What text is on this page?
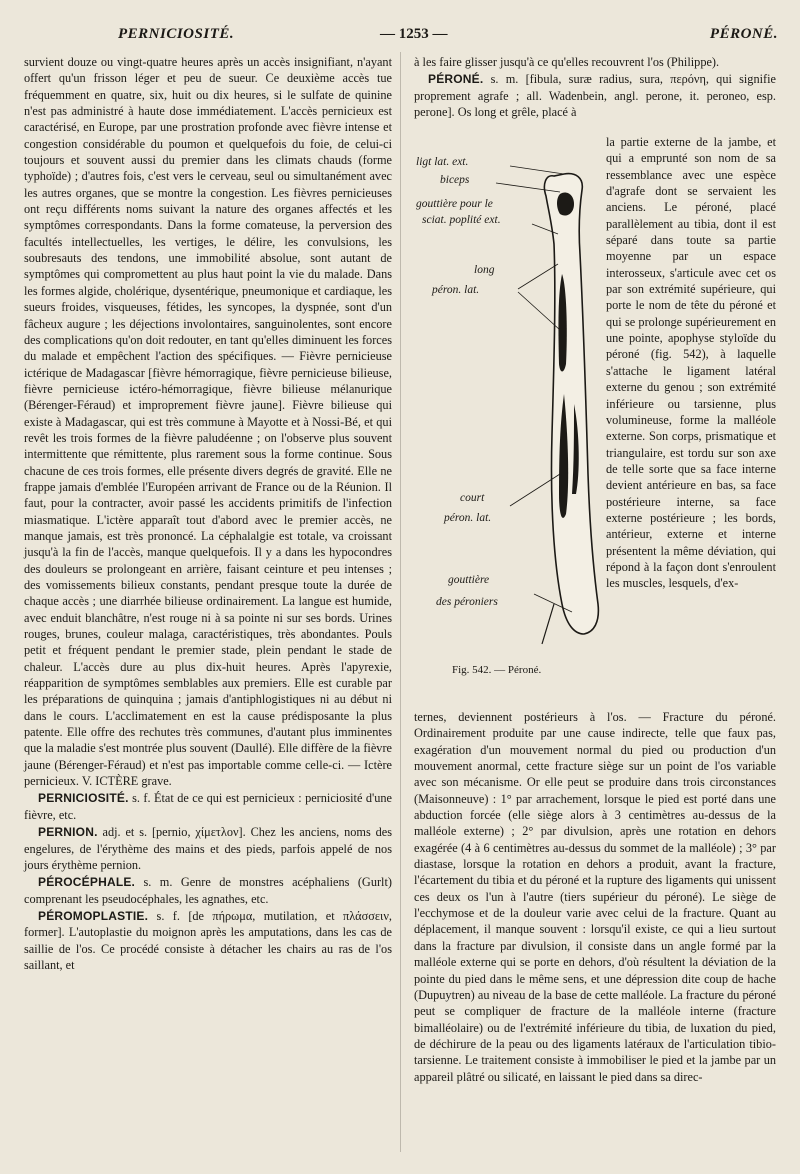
PERNICIOSITÉ.	— 1253 —	PÉRONÉ.

survient douze ou vingt-quatre heures après un accès insignifiant, n'ayant offert qu'un frisson léger et peu de sueur. Ce deuxième accès tue fréquemment en quatre, six, huit ou dix heures, si le sulfate de quinine n'est pas administré à haute dose immédiatement. L'accès pernicieux est caractérisé, en Europe, par une prostration profonde avec fièvre intense et congestion considérable du poumon et quelquefois du foie, de celui-ci toujours et souvent aussi du premier dans les climats chauds (forme typhoïde) ; d'autres fois, c'est vers le cerveau, seul ou simultanément avec les autres organes, que se montre la congestion. Les fièvres pernicieuses ont reçu différents noms suivant la nature des organes affectés et les symptômes correspondants. Dans la forme comateuse, la perversion des facultés intellectuelles, les vertiges, le délire, les convulsions, les soubresauts des tendons, une immobilité absolue, sont autant de symptômes qui compromettent au plus haut point la vie du malade. Dans les formes algide, cholérique, dysentérique, pneumonique et cardiaque, les sueurs froides, visqueuses, fétides, les syncopes, la dyspnée, sont d'un fâcheux augure ; les déjections involontaires, sanguinolentes, sont encore des complications qu'on doit redouter, en tant qu'elles diminuent les forces du malade et empêchent l'action des spécifiques. — Fièvre pernicieuse ictérique de Madagascar [fièvre hémorragique, fièvre pernicieuse bilieuse, fièvre pernicieuse ictéro-hémorragique, fièvre bilieuse mélanurique (Bérenger-Féraud) et improprement fièvre jaune]. Fièvre bilieuse qui existe à Madagascar, qui est très commune à Mayotte et à Nossi-Bé, et qui revêt les trois formes de la fièvre paludéenne ; on l'observe plus souvent intermittente que rémittente, plus rarement sous la forme continue. Sous chacune de ces trois formes, elle présente divers degrés de gravité. Elle ne frappe jamais d'emblée l'Européen arrivant de France ou de la Réunion. Il faut, pour la contracter, avoir passé les accidents primitifs de l'infection miasmatique. L'ictère apparaît tout d'abord avec le premier accès, ne manque jamais, est très prononcé. La céphalalgie est totale, va croissant jusqu'à la fin de l'accès, manque quelquefois. Il y a dans les hypocondres des douleurs se prolongeant en arrière, faisant ceinture et peu intenses ; des vomissements bilieux constants, pendant presque toute la durée de chaque accès ; une diarrhée bilieuse ordinairement. La langue est humide, avec enduit blanchâtre, n'est rouge ni à sa pointe ni sur ses bords. Urines rouges, brunes, couleur malaga, caractéristiques, très abondantes. Pouls petit et fréquent pendant le premier stade, plein pendant le stade de chaleur. L'accès dure au plus dix-huit heures. Après l'apyrexie, réapparition de symptômes semblables aux premiers. Elle est curable par les préparations de quinquina ; jamais d'antiphlogistiques ni au début ni dans le cours. L'acclimatement en est la cause prédisposante la plus patente. Elle offre des rechutes très communes, d'autant plus imminentes que la maladie s'est montrée plus souvent (Daullé). Elle diffère de la fièvre jaune (Bérenger-Féraud) et n'est pas importable comme celle-ci. — Ictère pernicieux. V. ICTÈRE grave.

PERNICIOSITÉ. s. f. État de ce qui est pernicieux : perniciosité d'une fièvre, etc.

PERNION. adj. et s. [pernio, χίμετλον]. Chez les anciens, noms des engelures, de l'érythème des mains et des pieds, parfois appelé de nos jours érythème pernion.

PÉROCÉPHALE. s. m. Genre de monstres acéphaliens (Gurlt) comprenant les pseudocéphales, les agnathes, etc.

PÉROMOPLASTIE. s. f. [de πήρωμα, mutilation, et πλάσσειν, former]. L'autoplastie du moignon après les amputations, dans les cas de saillie de l'os. Ce procédé consiste à détacher les chairs au ras de l'os saillant, et

à les faire glisser jusqu'à ce qu'elles recouvrent l'os (Philippe).

PÉRONÉ. s. m. [fibula, suræ radius, sura, περόνη, qui signifie proprement agrafe ; all. Wadenbein, angl. perone, it. peroneo, esp. perone]. Os long et grêle, placé à

la partie externe de la jambe, et qui a emprunté son nom de sa ressemblance avec une espèce d'agrafe dont se servaient les anciens. Le péroné, placé parallèlement au tibia, dont il est séparé dans toute sa partie moyenne par un espace interosseux, s'articule avec cet os par son extrémité supérieure, qui porte le nom de tête du péroné et qui se prolonge supérieurement en une pointe, apophyse styloïde du péroné (fig. 542), à laquelle s'attache le ligament latéral externe du genou ; son extrémité inférieure ou tarsienne, plus volumineuse, forme la malléole externe. Son corps, prismatique et triangulaire, est tordu sur son axe de telle sorte que sa face interne devient antérieure en bas, sa face postérieure interne, sa face externe postérieure ; les bords, antérieur, externe et interne présentent la même déviation, qui répond à la façon dont s'enroulent les muscles, lesquels, d'ex-
ligt lat. ext.
biceps
gouttière pour le
sciat. poplité ext.
long
péron. lat.
court
péron. lat.
gouttière
des péroniers
Fig. 542. — Péroné.

ternes, deviennent postérieurs à l'os. — Fracture du péroné. Ordinairement produite par une cause indirecte, telle que faux pas, exagération d'un mouvement normal du pied ou production d'un mouvement anormal, cette fracture siège sur un point de l'os variable avec son mécanisme. Or elle peut se produire dans trois circonstances (Maisonneuve) : 1° par arrachement, lorsque le pied est porté dans une abduction forcée (elle siège alors à 3 centimètres au-dessus de la malléole externe) ; 2° par divulsion, après une rotation en dehors exagérée (4 à 6 centimètres au-dessus du sommet de la malléole) ; 3° par diastase, lorsque la rotation en dehors a produit, avant la fracture, l'écartement du tibia et du péroné et la rupture des ligaments qui unissent ces deux os l'un à l'autre (tiers supérieur du péroné). Le siège de l'ecchymose et de la douleur varie avec celui de la fracture. Quant au déplacement, il manque souvent : lorsqu'il existe, ce qui a lieu surtout dans la fracture par divulsion, il consiste dans un angle formé par la malléole externe qui se porte en dehors, d'où résultent la déviation de la pointe du pied dans le même sens, et une dépression dite coup de hache (Dupuytren) au niveau de la base de cette malléole. La fracture du péroné peut se compliquer de fracture de la malléole interne (fracture bimalléolaire) ou de l'extrémité inférieure du tibia, de luxation du pied, de déchirure de la peau ou des ligaments latéraux de l'articulation tibio-tarsienne. Le traitement consiste à immobiliser le pied et la jambe par un appareil plâtré ou silicaté, en laissant le pied dans sa direc-
